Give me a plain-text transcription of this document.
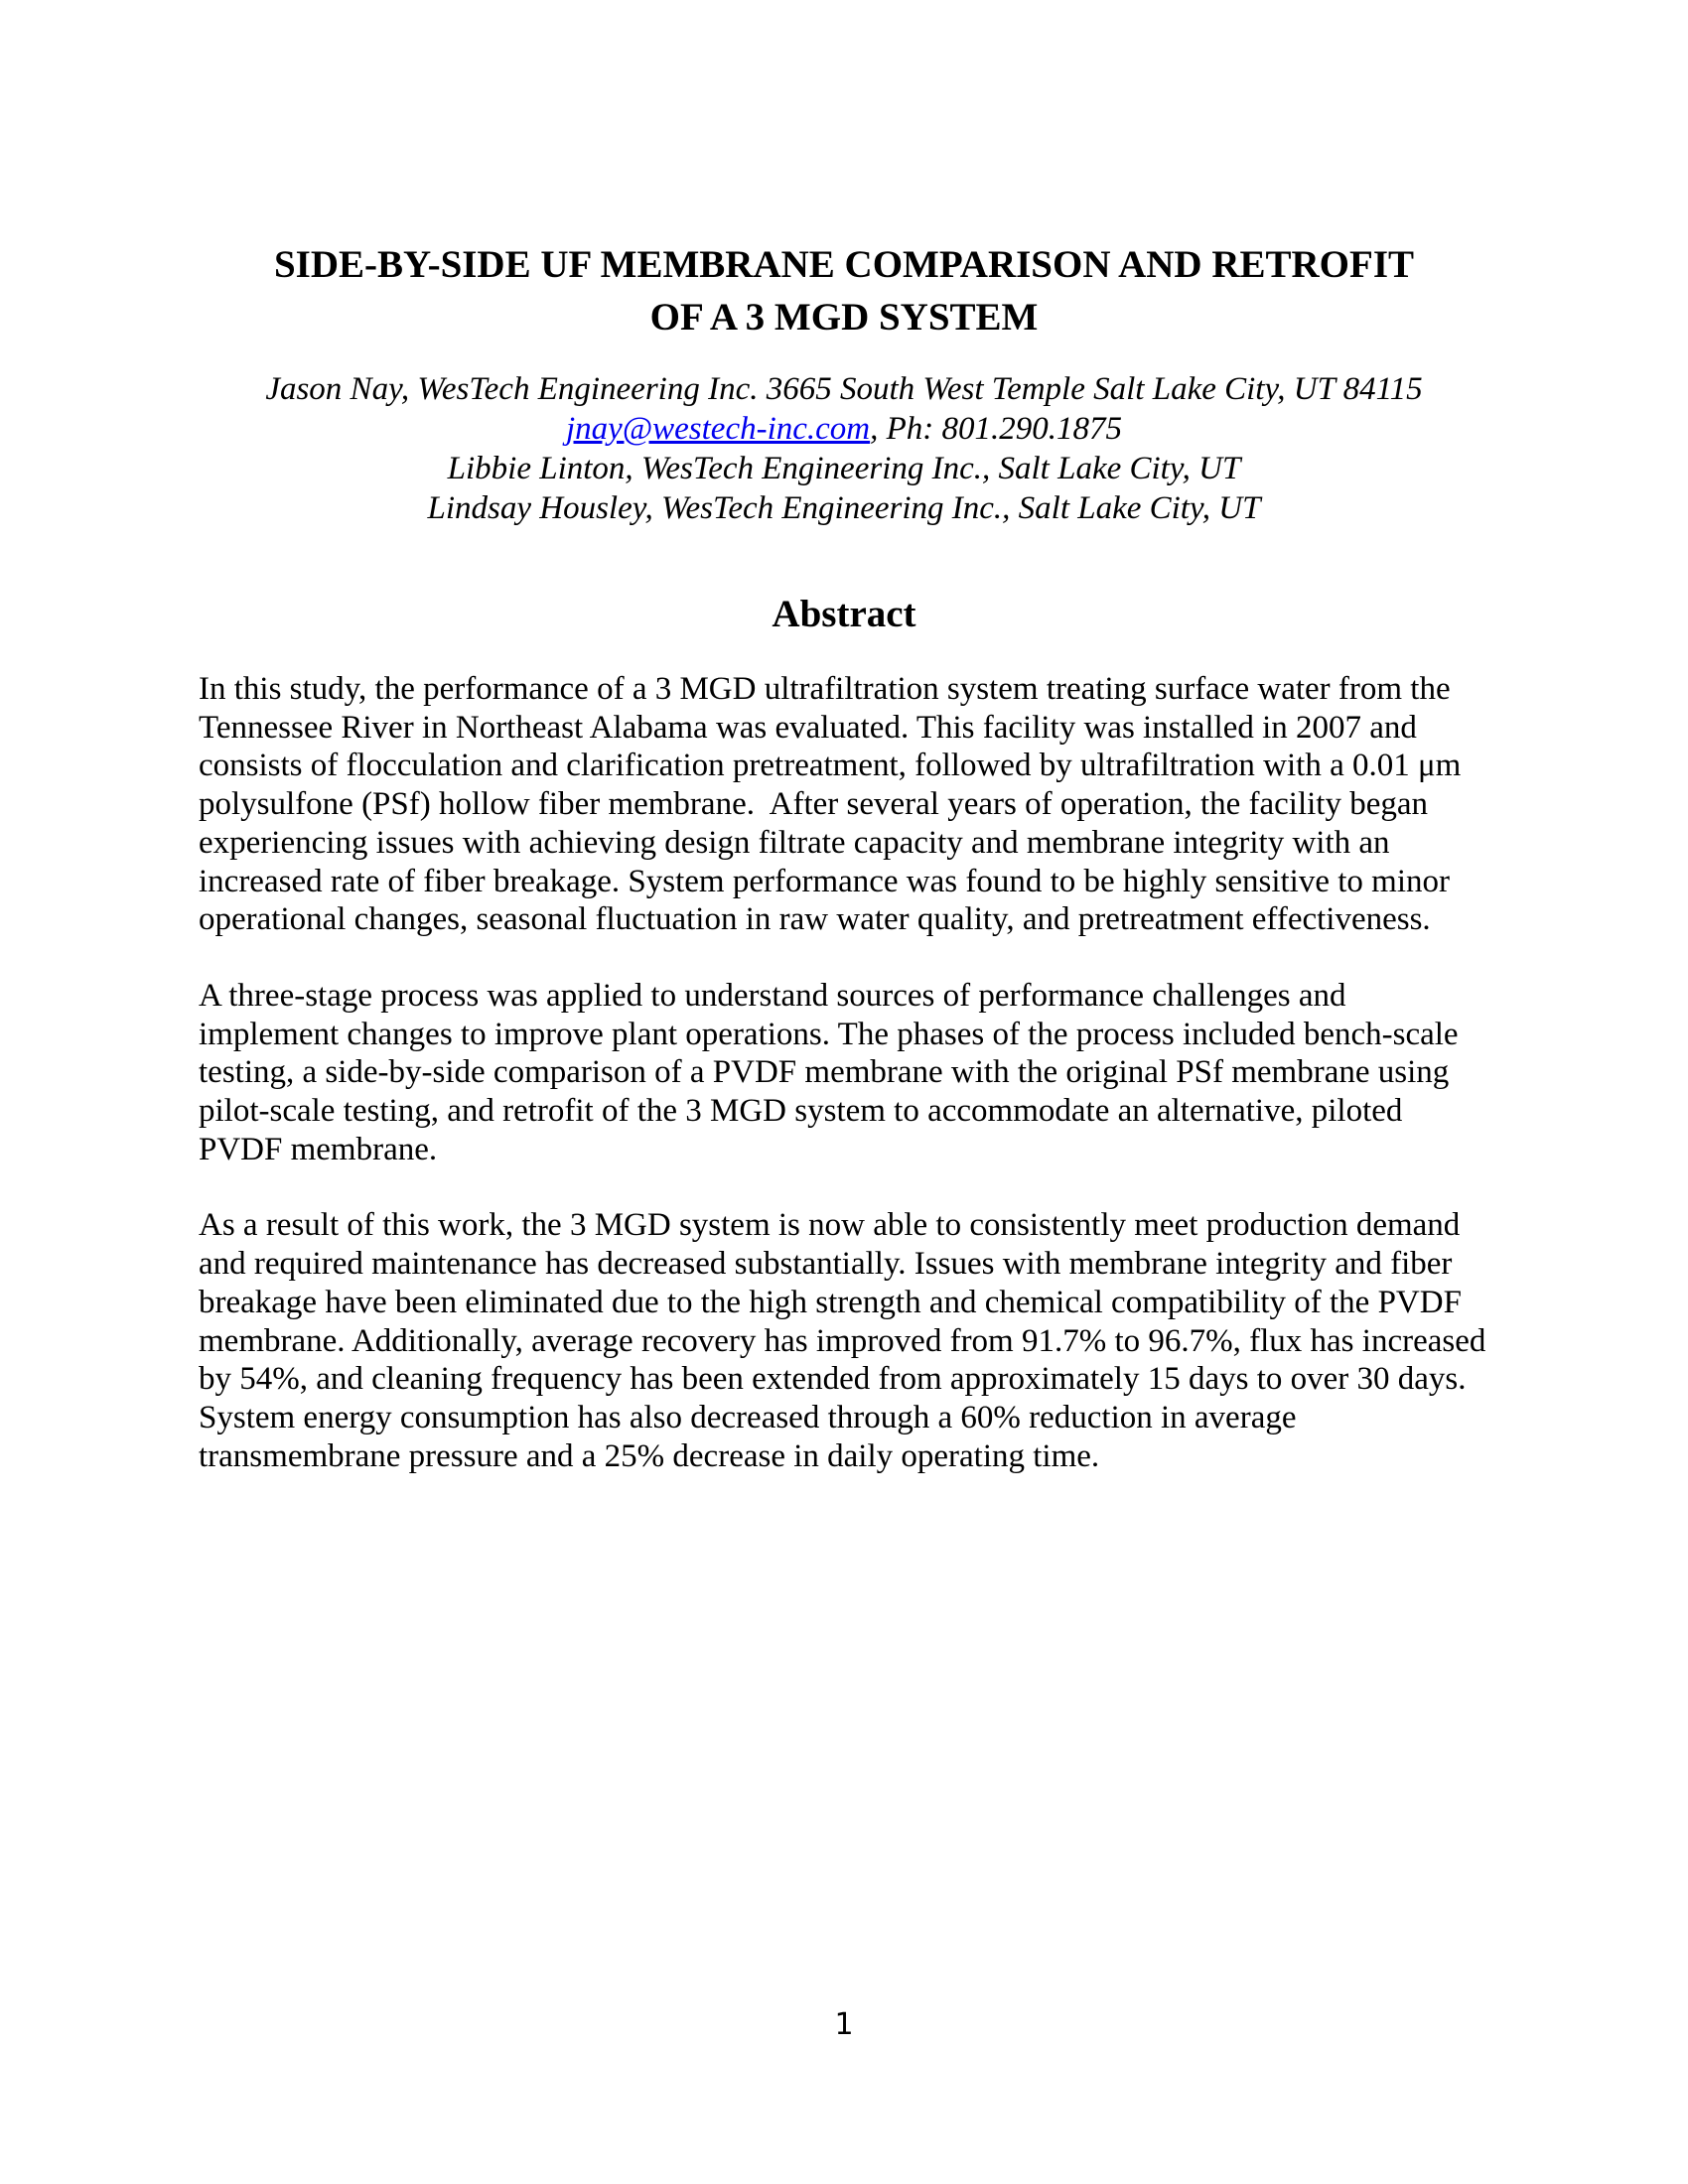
SIDE-BY-SIDE UF MEMBRANE COMPARISON AND RETROFIT
OF A 3 MGD SYSTEM
Jason Nay, WesTech Engineering Inc. 3665 South West Temple Salt Lake City, UT 84115
jnay@westech-inc.com, Ph: 801.290.1875
Libbie Linton, WesTech Engineering Inc., Salt Lake City, UT
Lindsay Housley, WesTech Engineering Inc., Salt Lake City, UT
Abstract

In this study, the performance of a 3 MGD ultrafiltration system treating surface water from the Tennessee River in Northeast Alabama was evaluated. This facility was installed in 2007 and consists of flocculation and clarification pretreatment, followed by ultrafiltration with a 0.01 μm polysulfone (PSf) hollow fiber membrane.  After several years of operation, the facility began experiencing issues with achieving design filtrate capacity and membrane integrity with an increased rate of fiber breakage. System performance was found to be highly sensitive to minor operational changes, seasonal fluctuation in raw water quality, and pretreatment effectiveness.

A three-stage process was applied to understand sources of performance challenges and implement changes to improve plant operations. The phases of the process included bench-scale testing, a side-by-side comparison of a PVDF membrane with the original PSf membrane using pilot-scale testing, and retrofit of the 3 MGD system to accommodate an alternative, piloted PVDF membrane.

As a result of this work, the 3 MGD system is now able to consistently meet production demand and required maintenance has decreased substantially. Issues with membrane integrity and fiber breakage have been eliminated due to the high strength and chemical compatibility of the PVDF membrane. Additionally, average recovery has improved from 91.7% to 96.7%, flux has increased by 54%, and cleaning frequency has been extended from approximately 15 days to over 30 days. System energy consumption has also decreased through a 60% reduction in average transmembrane pressure and a 25% decrease in daily operating time.

1
